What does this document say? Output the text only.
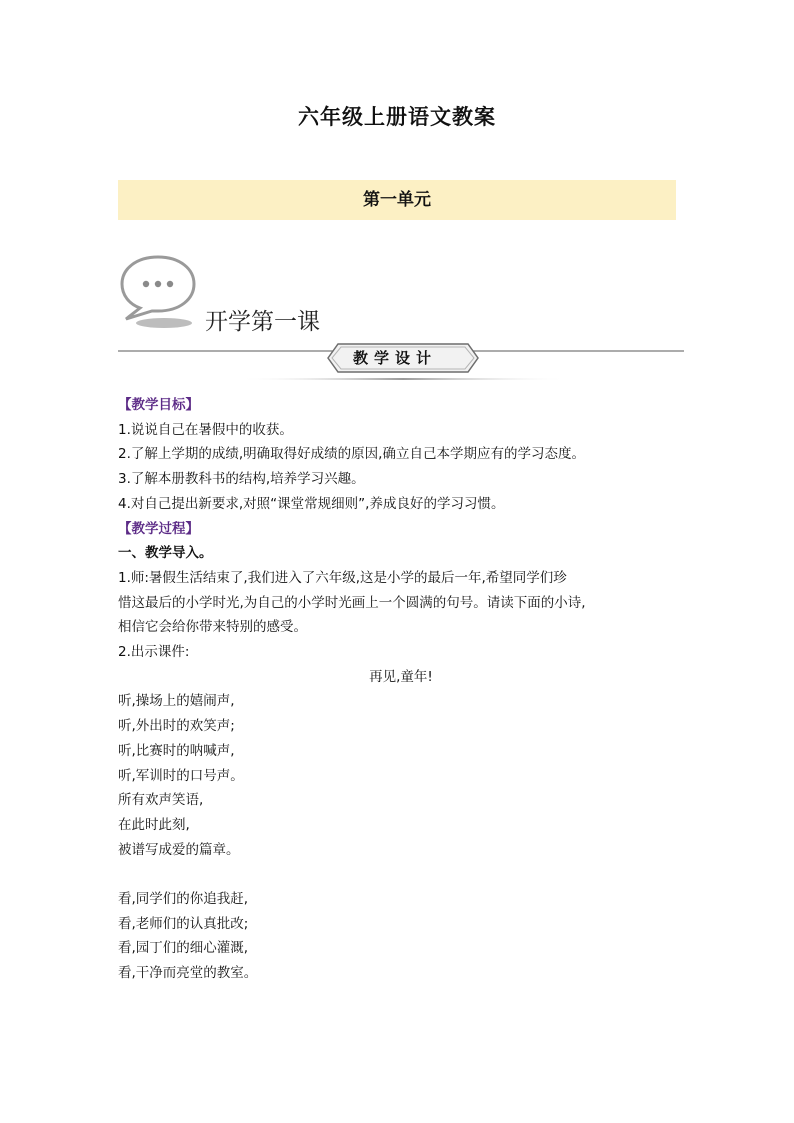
六年级上册语文教案
第一单元
开学第一课
教学设计
【教学目标】
1.说说自己在暑假中的收获。
2.了解上学期的成绩,明确取得好成绩的原因,确立自己本学期应有的学习态度。
3.了解本册教科书的结构,培养学习兴趣。
4.对自己提出新要求,对照“课堂常规细则”,养成良好的学习习惯。
【教学过程】
一、教学导入。
1.师:暑假生活结束了,我们进入了六年级,这是小学的最后一年,希望同学们珍
惜这最后的小学时光,为自己的小学时光画上一个圆满的句号。请读下面的小诗,
相信它会给你带来特别的感受。
2.出示课件:
再见,童年!
听,操场上的嬉闹声,
听,外出时的欢笑声;
听,比赛时的呐喊声,
听,军训时的口号声。
所有欢声笑语,
在此时此刻,
被谱写成爱的篇章。
看,同学们的你追我赶,
看,老师们的认真批改;
看,园丁们的细心灌溉,
看,干净而亮堂的教室。
